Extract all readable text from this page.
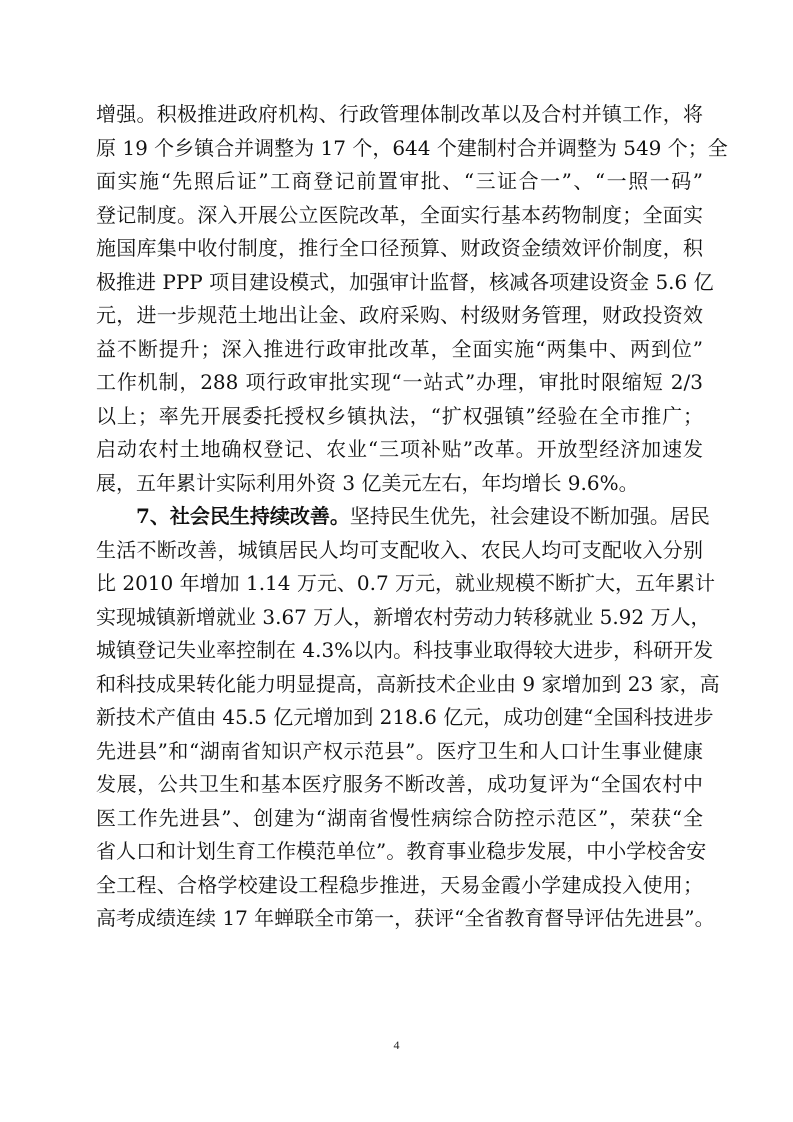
增强。积极推进政府机构、行政管理体制改革以及合村并镇工作，将
原 19 个乡镇合并调整为 17 个，644 个建制村合并调整为 549 个；全
面实施“先照后证”工商登记前置审批、“三证合一”、“一照一码”
登记制度。深入开展公立医院改革，全面实行基本药物制度；全面实
施国库集中收付制度，推行全口径预算、财政资金绩效评价制度，积
极推进 PPP 项目建设模式，加强审计监督，核减各项建设资金 5.6 亿
元，进一步规范土地出让金、政府采购、村级财务管理，财政投资效
益不断提升；深入推进行政审批改革，全面实施“两集中、两到位”
工作机制，288 项行政审批实现“一站式”办理，审批时限缩短 2/3
以上；率先开展委托授权乡镇执法，“扩权强镇”经验在全市推广；
启动农村土地确权登记、农业“三项补贴”改革。开放型经济加速发
展，五年累计实际利用外资 3 亿美元左右，年均增长 9.6%。
7、社会民生持续改善。坚持民生优先，社会建设不断加强。居民
生活不断改善，城镇居民人均可支配收入、农民人均可支配收入分别
比 2010 年增加 1.14 万元、0.7 万元，就业规模不断扩大，五年累计
实现城镇新增就业 3.67 万人，新增农村劳动力转移就业 5.92 万人，
城镇登记失业率控制在 4.3%以内。科技事业取得较大进步，科研开发
和科技成果转化能力明显提高，高新技术企业由 9 家增加到 23 家，高
新技术产值由 45.5 亿元增加到 218.6 亿元，成功创建“全国科技进步
先进县”和“湖南省知识产权示范县”。医疗卫生和人口计生事业健康
发展，公共卫生和基本医疗服务不断改善，成功复评为“全国农村中
医工作先进县”、创建为“湖南省慢性病综合防控示范区”，荣获“全
省人口和计划生育工作模范单位”。教育事业稳步发展，中小学校舍安
全工程、合格学校建设工程稳步推进，天易金霞小学建成投入使用；
高考成绩连续 17 年蝉联全市第一，获评“全省教育督导评估先进县”。
4
